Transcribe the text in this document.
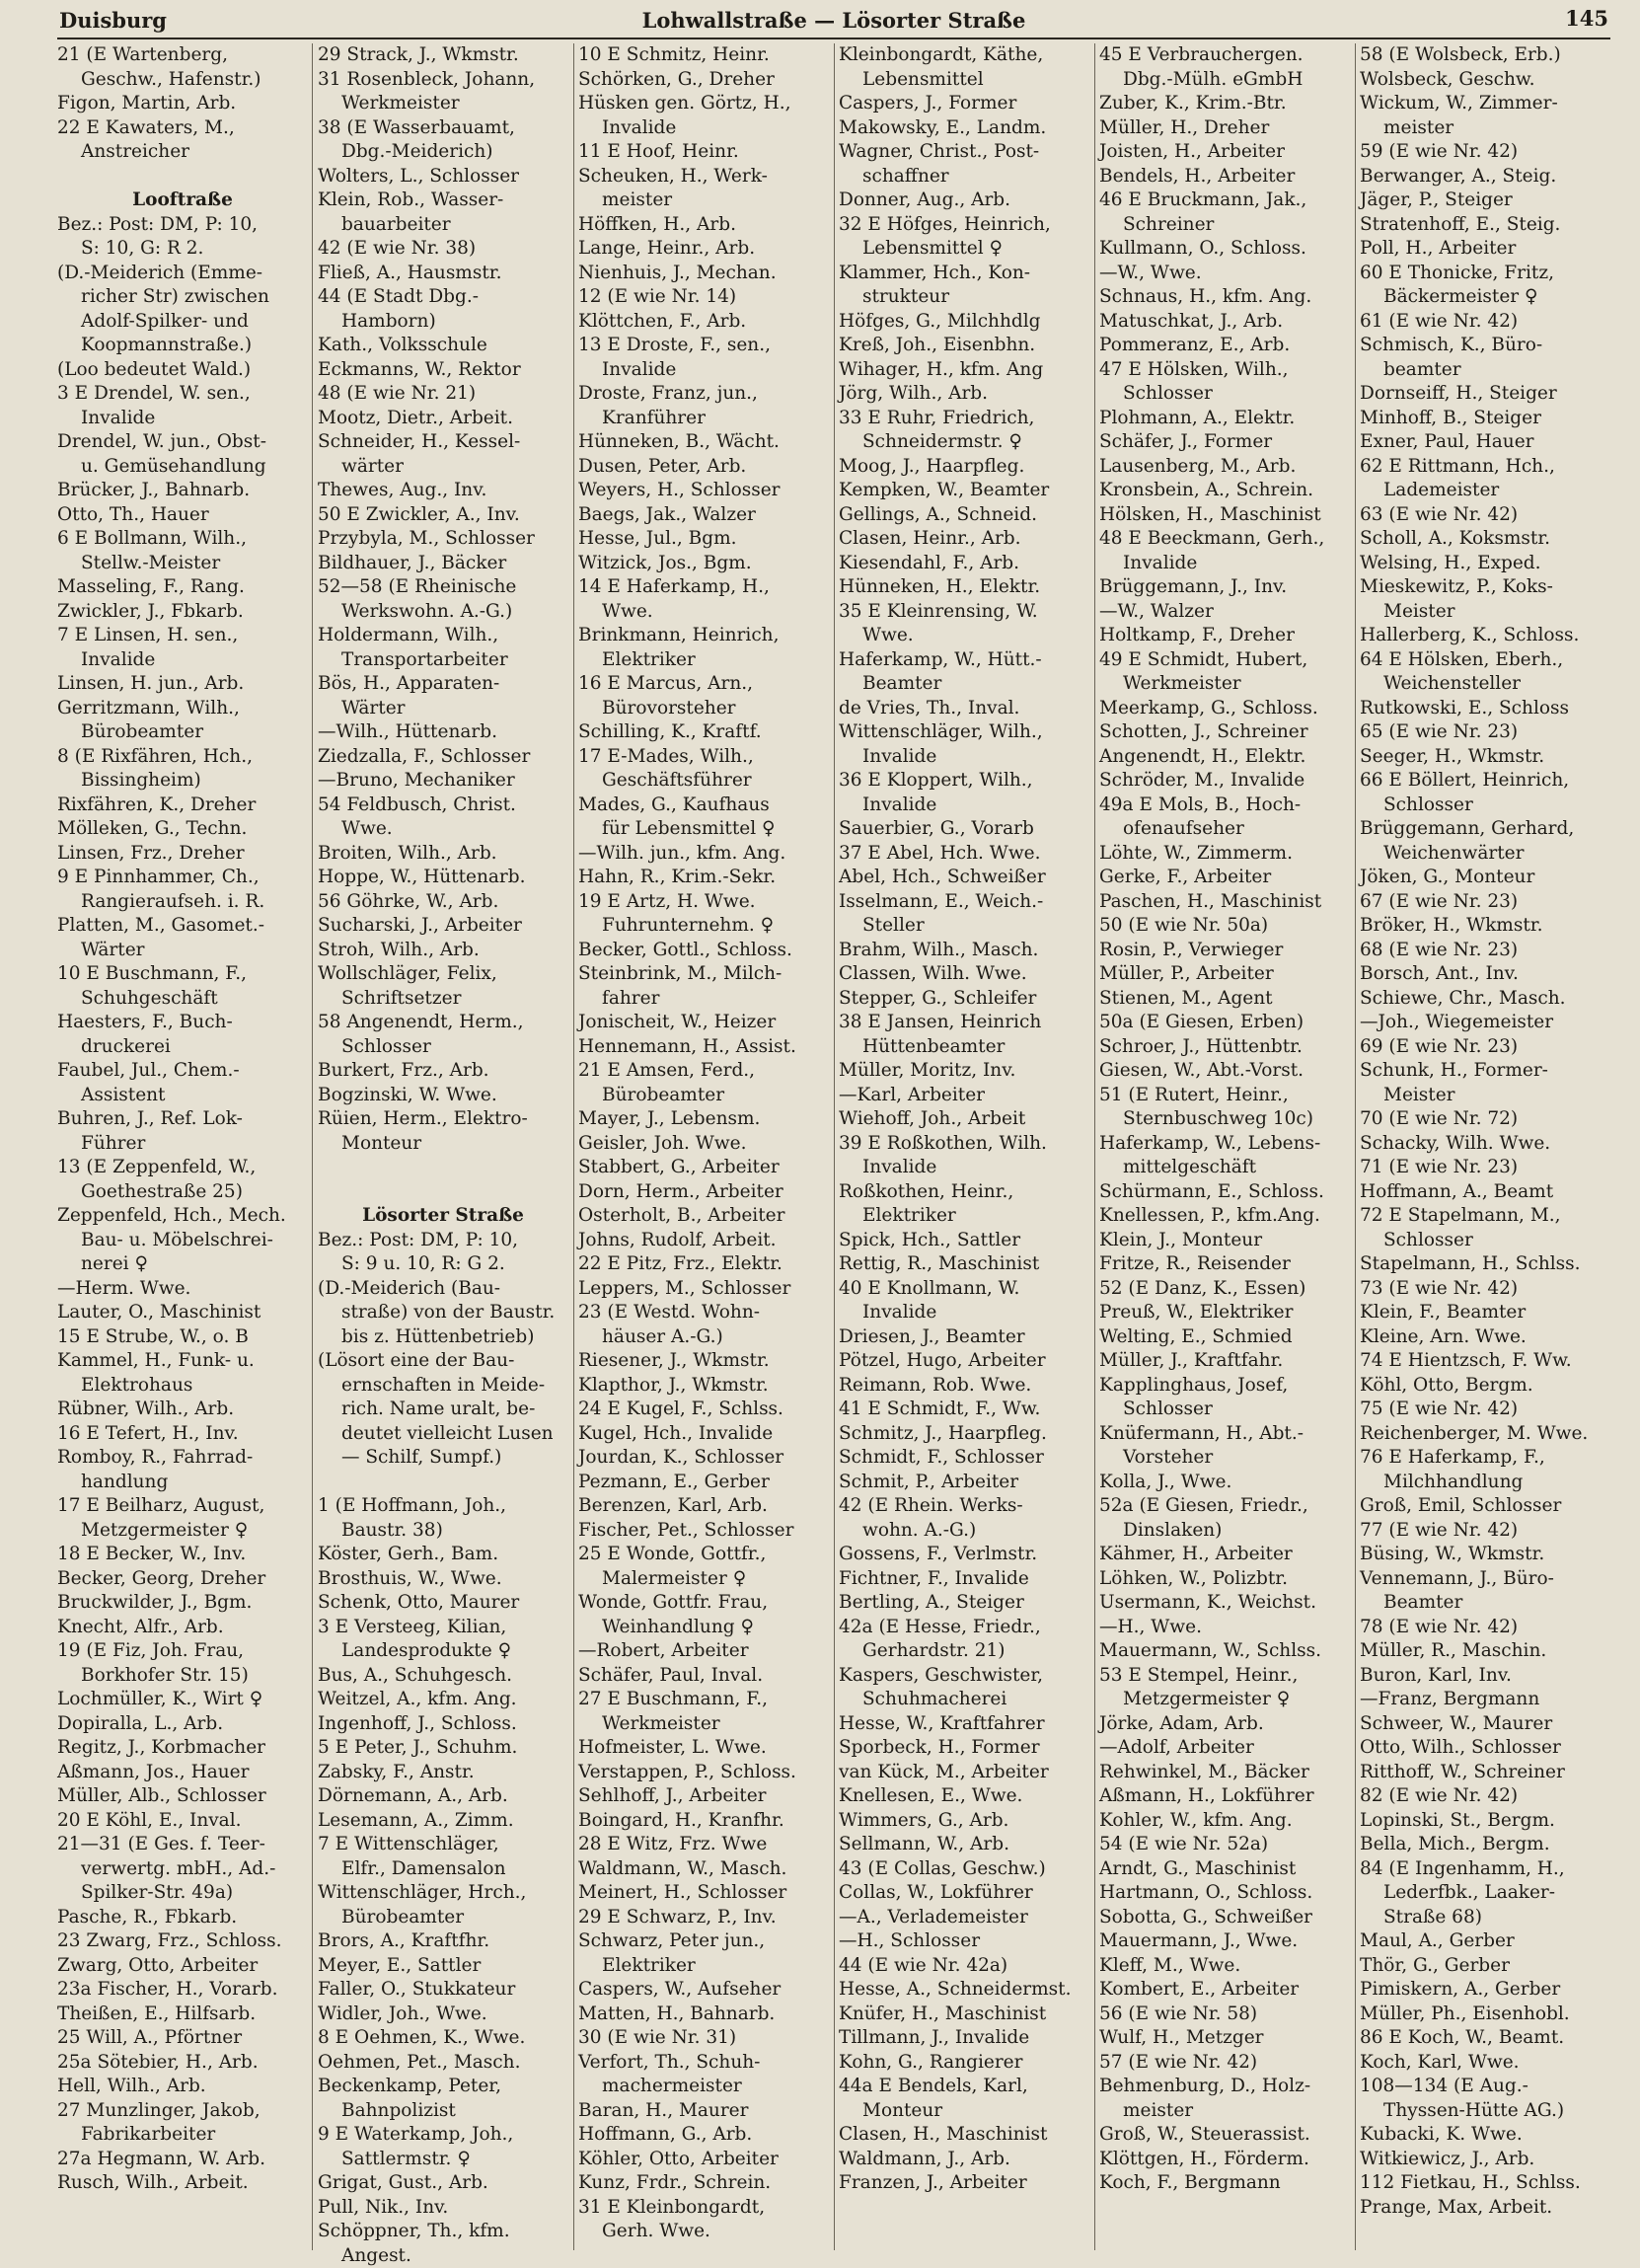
Duisburg	Lohwallstraße — Lösorter Straße	145
21 (E Wartenberg,
Geschw., Hafenstr.)
Figon, Martin, Arb.
22 E Kawaters, M.,
Anstreicher
Looftraße
Bez.: Post: DM, P: 10,
S: 10, G: R 2.
(D.-Meiderich (Emme-
richer Str) zwischen
Adolf-Spilker- und
Koopmannstraße.)
(Loo bedeutet Wald.)
3 E Drendel, W. sen.,
Invalide
Drendel, W. jun., Obst-
u. Gemüsehandlung
Brücker, J., Bahnarb.
Otto, Th., Hauer
6 E Bollmann, Wilh.,
Stellw.-Meister
Masseling, F., Rang.
Zwickler, J., Fbkarb.
7 E Linsen, H. sen.,
Invalide
Linsen, H. jun., Arb.
Gerritzmann, Wilh.,
Bürobeamter
8 (E Rixfähren, Hch.,
Bissingheim)
Rixfähren, K., Dreher
Mölleken, G., Techn.
Linsen, Frz., Dreher
9 E Pinnhammer, Ch.,
Rangieraufseh. i. R.
Platten, M., Gasomet.-
Wärter
10 E Buschmann, F.,
Schuhgeschäft
Haesters, F., Buch-
druckerei
Faubel, Jul., Chem.-
Assistent
Buhren, J., Ref. Lok-
Führer
13 (E Zeppenfeld, W.,
Goethestraße 25)
Zeppenfeld, Hch., Mech.
Bau- u. Möbelschrei-
nerei ♀
—Herm. Wwe.
Lauter, O., Maschinist
15 E Strube, W., o. B
Kammel, H., Funk- u.
Elektrohaus
Rübner, Wilh., Arb.
16 E Tefert, H., Inv.
Romboy, R., Fahrrad-
handlung
17 E Beilharz, August,
Metzgermeister ♀
18 E Becker, W., Inv.
Becker, Georg, Dreher
Bruckwilder, J., Bgm.
Knecht, Alfr., Arb.
19 (E Fiz, Joh. Frau,
Borkhofer Str. 15)
Lochmüller, K., Wirt ♀
Dopiralla, L., Arb.
Regitz, J., Korbmacher
Aßmann, Jos., Hauer
Müller, Alb., Schlosser
20 E Köhl, E., Inval.
21—31 (E Ges. f. Teer-
verwertg. mbH., Ad.-
Spilker-Str. 49a)
Pasche, R., Fbkarb.
23 Zwarg, Frz., Schloss.
Zwarg, Otto, Arbeiter
23a Fischer, H., Vorarb.
Theißen, E., Hilfsarb.
25 Will, A., Pförtner
25a Sötebier, H., Arb.
Hell, Wilh., Arb.
27 Munzlinger, Jakob,
Fabrikarbeiter
27a Hegmann, W. Arb.
Rusch, Wilh., Arbeit.
29 Strack, J., Wkmstr.
31 Rosenbleck, Johann,
Werkmeister
38 (E Wasserbauamt,
Dbg.-Meiderich)
Wolters, L., Schlosser
Klein, Rob., Wasser-
bauarbeiter
42 (E wie Nr. 38)
Fließ, A., Hausmstr.
44 (E Stadt Dbg.-
Hamborn)
Kath., Volksschule
Eckmanns, W., Rektor
48 (E wie Nr. 21)
Mootz, Dietr., Arbeit.
Schneider, H., Kessel-
wärter
Thewes, Aug., Inv.
50 E Zwickler, A., Inv.
Przybyla, M., Schlosser
Bildhauer, J., Bäcker
52—58 (E Rheinische
Werkswohn. A.-G.)
Holdermann, Wilh.,
Transportarbeiter
Bös, H., Apparaten-
Wärter
—Wilh., Hüttenarb.
Ziedzalla, F., Schlosser
—Bruno, Mechaniker
54 Feldbusch, Christ.
Wwe.
Broiten, Wilh., Arb.
Hoppe, W., Hüttenarb.
56 Göhrke, W., Arb.
Sucharski, J., Arbeiter
Stroh, Wilh., Arb.
Wollschläger, Felix,
Schriftsetzer
58 Angenendt, Herm.,
Schlosser
Burkert, Frz., Arb.
Bogzinski, W. Wwe.
Rüien, Herm., Elektro-
Monteur
Lösorter Straße
Bez.: Post: DM, P: 10,
S: 9 u. 10, R: G 2.
(D.-Meiderich (Bau-
straße) von der Baustr.
bis z. Hüttenbetrieb)
(Lösort eine der Bau-
ernschaften in Meide-
rich. Name uralt, be-
deutet vielleicht Lusen
— Schilf, Sumpf.)
1 (E Hoffmann, Joh.,
Baustr. 38)
Köster, Gerh., Bam.
Brosthuis, W., Wwe.
Schenk, Otto, Maurer
3 E Versteeg, Kilian,
Landesprodukte ♀
Bus, A., Schuhgesch.
Weitzel, A., kfm. Ang.
Ingenhoff, J., Schloss.
5 E Peter, J., Schuhm.
Zabsky, F., Anstr.
Dörnemann, A., Arb.
Lesemann, A., Zimm.
7 E Wittenschläger,
Elfr., Damensalon
Wittenschläger, Hrch.,
Bürobeamter
Brors, A., Kraftfhr.
Meyer, E., Sattler
Faller, O., Stukkateur
Widler, Joh., Wwe.
8 E Oehmen, K., Wwe.
Oehmen, Pet., Masch.
Beckenkamp, Peter,
Bahnpolizist
9 E Waterkamp, Joh.,
Sattlermstr. ♀
Grigat, Gust., Arb.
Pull, Nik., Inv.
Schöppner, Th., kfm.
Angest.
10 E Schmitz, Heinr.
Schörken, G., Dreher
Hüsken gen. Görtz, H.,
Invalide
11 E Hoof, Heinr.
Scheuken, H., Werk-
meister
Höffken, H., Arb.
Lange, Heinr., Arb.
Nienhuis, J., Mechan.
12 (E wie Nr. 14)
Klöttchen, F., Arb.
13 E Droste, F., sen.,
Invalide
Droste, Franz, jun.,
Kranführer
Hünneken, B., Wächt.
Dusen, Peter, Arb.
Weyers, H., Schlosser
Baegs, Jak., Walzer
Hesse, Jul., Bgm.
Witzick, Jos., Bgm.
14 E Haferkamp, H.,
Wwe.
Brinkmann, Heinrich,
Elektriker
16 E Marcus, Arn.,
Bürovorsteher
Schilling, K., Kraftf.
17 E-Mades, Wilh.,
Geschäftsführer
Mades, G., Kaufhaus
für Lebensmittel ♀
—Wilh. jun., kfm. Ang.
Hahn, R., Krim.-Sekr.
19 E Artz, H. Wwe.
Fuhrunternehm. ♀
Becker, Gottl., Schloss.
Steinbrink, M., Milch-
fahrer
Jonischeit, W., Heizer
Hennemann, H., Assist.
21 E Amsen, Ferd.,
Bürobeamter
Mayer, J., Lebensm.
Geisler, Joh. Wwe.
Stabbert, G., Arbeiter
Dorn, Herm., Arbeiter
Osterholt, B., Arbeiter
Johns, Rudolf, Arbeit.
22 E Pitz, Frz., Elektr.
Leppers, M., Schlosser
23 (E Westd. Wohn-
häuser A.-G.)
Riesener, J., Wkmstr.
Klapthor, J., Wkmstr.
24 E Kugel, F., Schlss.
Kugel, Hch., Invalide
Jourdan, K., Schlosser
Pezmann, E., Gerber
Berenzen, Karl, Arb.
Fischer, Pet., Schlosser
25 E Wonde, Gottfr.,
Malermeister ♀
Wonde, Gottfr. Frau,
Weinhandlung ♀
—Robert, Arbeiter
Schäfer, Paul, Inval.
27 E Buschmann, F.,
Werkmeister
Hofmeister, L. Wwe.
Verstappen, P., Schloss.
Sehlhoff, J., Arbeiter
Boingard, H., Kranfhr.
28 E Witz, Frz. Wwe
Waldmann, W., Masch.
Meinert, H., Schlosser
29 E Schwarz, P., Inv.
Schwarz, Peter jun.,
Elektriker
Caspers, W., Aufseher
Matten, H., Bahnarb.
30 (E wie Nr. 31)
Verfort, Th., Schuh-
machermeister
Baran, H., Maurer
Hoffmann, G., Arb.
Köhler, Otto, Arbeiter
Kunz, Frdr., Schrein.
31 E Kleinbongardt,
Gerh. Wwe.
Kleinbongardt, Käthe,
Lebensmittel
Caspers, J., Former
Makowsky, E., Landm.
Wagner, Christ., Post-
schaffner
Donner, Aug., Arb.
32 E Höfges, Heinrich,
Lebensmittel ♀
Klammer, Hch., Kon-
strukteur
Höfges, G., Milchhdlg
Kreß, Joh., Eisenbhn.
Wihager, H., kfm. Ang
Jörg, Wilh., Arb.
33 E Ruhr, Friedrich,
Schneidermstr. ♀
Moog, J., Haarpfleg.
Kempken, W., Beamter
Gellings, A., Schneid.
Clasen, Heinr., Arb.
Kiesendahl, F., Arb.
Hünneken, H., Elektr.
35 E Kleinrensing, W.
Wwe.
Haferkamp, W., Hütt.-
Beamter
de Vries, Th., Inval.
Wittenschläger, Wilh.,
Invalide
36 E Kloppert, Wilh.,
Invalide
Sauerbier, G., Vorarb
37 E Abel, Hch. Wwe.
Abel, Hch., Schweißer
Isselmann, E., Weich.-
Steller
Brahm, Wilh., Masch.
Classen, Wilh. Wwe.
Stepper, G., Schleifer
38 E Jansen, Heinrich
Hüttenbeamter
Müller, Moritz, Inv.
—Karl, Arbeiter
Wiehoff, Joh., Arbeit
39 E Roßkothen, Wilh.
Invalide
Roßkothen, Heinr.,
Elektriker
Spick, Hch., Sattler
Rettig, R., Maschinist
40 E Knollmann, W.
Invalide
Driesen, J., Beamter
Pötzel, Hugo, Arbeiter
Reimann, Rob. Wwe.
41 E Schmidt, F., Ww.
Schmitz, J., Haarpfleg.
Schmidt, F., Schlosser
Schmit, P., Arbeiter
42 (E Rhein. Werks-
wohn. A.-G.)
Gossens, F., Verlmstr.
Fichtner, F., Invalide
Bertling, A., Steiger
42a (E Hesse, Friedr.,
Gerhardstr. 21)
Kaspers, Geschwister,
Schuhmacherei
Hesse, W., Kraftfahrer
Sporbeck, H., Former
van Kück, M., Arbeiter
Knellesen, E., Wwe.
Wimmers, G., Arb.
Sellmann, W., Arb.
43 (E Collas, Geschw.)
Collas, W., Lokführer
—A., Verlademeister
—H., Schlosser
44 (E wie Nr. 42a)
Hesse, A., Schneidermst.
Knüfer, H., Maschinist
Tillmann, J., Invalide
Kohn, G., Rangierer
44a E Bendels, Karl,
Monteur
Clasen, H., Maschinist
Waldmann, J., Arb.
Franzen, J., Arbeiter
45 E Verbrauchergen.
Dbg.-Mülh. eGmbH
Zuber, K., Krim.-Btr.
Müller, H., Dreher
Joisten, H., Arbeiter
Bendels, H., Arbeiter
46 E Bruckmann, Jak.,
Schreiner
Kullmann, O., Schloss.
—W., Wwe.
Schnaus, H., kfm. Ang.
Matuschkat, J., Arb.
Pommeranz, E., Arb.
47 E Hölsken, Wilh.,
Schlosser
Plohmann, A., Elektr.
Schäfer, J., Former
Lausenberg, M., Arb.
Kronsbein, A., Schrein.
Hölsken, H., Maschinist
48 E Beeckmann, Gerh.,
Invalide
Brüggemann, J., Inv.
—W., Walzer
Holtkamp, F., Dreher
49 E Schmidt, Hubert,
Werkmeister
Meerkamp, G., Schloss.
Schotten, J., Schreiner
Angenendt, H., Elektr.
Schröder, M., Invalide
49a E Mols, B., Hoch-
ofenaufseher
Löhte, W., Zimmerm.
Gerke, F., Arbeiter
Paschen, H., Maschinist
50 (E wie Nr. 50a)
Rosin, P., Verwieger
Müller, P., Arbeiter
Stienen, M., Agent
50a (E Giesen, Erben)
Schroer, J., Hüttenbtr.
Giesen, W., Abt.-Vorst.
51 (E Rutert, Heinr.,
Sternbuschweg 10c)
Haferkamp, W., Lebens-
mittelgeschäft
Schürmann, E., Schloss.
Knellessen, P., kfm.Ang.
Klein, J., Monteur
Fritze, R., Reisender
52 (E Danz, K., Essen)
Preuß, W., Elektriker
Welting, E., Schmied
Müller, J., Kraftfahr.
Kapplinghaus, Josef,
Schlosser
Knüfermann, H., Abt.-
Vorsteher
Kolla, J., Wwe.
52a (E Giesen, Friedr.,
Dinslaken)
Kähmer, H., Arbeiter
Löhken, W., Polizbtr.
Usermann, K., Weichst.
—H., Wwe.
Mauermann, W., Schlss.
53 E Stempel, Heinr.,
Metzgermeister ♀
Jörke, Adam, Arb.
—Adolf, Arbeiter
Rehwinkel, M., Bäcker
Aßmann, H., Lokführer
Kohler, W., kfm. Ang.
54 (E wie Nr. 52a)
Arndt, G., Maschinist
Hartmann, O., Schloss.
Sobotta, G., Schweißer
Mauermann, J., Wwe.
Kleff, M., Wwe.
Kombert, E., Arbeiter
56 (E wie Nr. 58)
Wulf, H., Metzger
57 (E wie Nr. 42)
Behmenburg, D., Holz-
meister
Groß, W., Steuerassist.
Klöttgen, H., Förderm.
Koch, F., Bergmann
58 (E Wolsbeck, Erb.)
Wolsbeck, Geschw.
Wickum, W., Zimmer-
meister
59 (E wie Nr. 42)
Berwanger, A., Steig.
Jäger, P., Steiger
Stratenhoff, E., Steig.
Poll, H., Arbeiter
60 E Thonicke, Fritz,
Bäckermeister ♀
61 (E wie Nr. 42)
Schmisch, K., Büro-
beamter
Dornseiff, H., Steiger
Minhoff, B., Steiger
Exner, Paul, Hauer
62 E Rittmann, Hch.,
Lademeister
63 (E wie Nr. 42)
Scholl, A., Koksmstr.
Welsing, H., Exped.
Mieskewitz, P., Koks-
Meister
Hallerberg, K., Schloss.
64 E Hölsken, Eberh.,
Weichensteller
Rutkowski, E., Schloss
65 (E wie Nr. 23)
Seeger, H., Wkmstr.
66 E Böllert, Heinrich,
Schlosser
Brüggemann, Gerhard,
Weichenwärter
Jöken, G., Monteur
67 (E wie Nr. 23)
Bröker, H., Wkmstr.
68 (E wie Nr. 23)
Borsch, Ant., Inv.
Schiewe, Chr., Masch.
—Joh., Wiegemeister
69 (E wie Nr. 23)
Schunk, H., Former-
Meister
70 (E wie Nr. 72)
Schacky, Wilh. Wwe.
71 (E wie Nr. 23)
Hoffmann, A., Beamt
72 E Stapelmann, M.,
Schlosser
Stapelmann, H., Schlss.
73 (E wie Nr. 42)
Klein, F., Beamter
Kleine, Arn. Wwe.
74 E Hientzsch, F. Ww.
Köhl, Otto, Bergm.
75 (E wie Nr. 42)
Reichenberger, M. Wwe.
76 E Haferkamp, F.,
Milchhandlung
Groß, Emil, Schlosser
77 (E wie Nr. 42)
Büsing, W., Wkmstr.
Vennemann, J., Büro-
Beamter
78 (E wie Nr. 42)
Müller, R., Maschin.
Buron, Karl, Inv.
—Franz, Bergmann
Schweer, W., Maurer
Otto, Wilh., Schlosser
Ritthoff, W., Schreiner
82 (E wie Nr. 42)
Lopinski, St., Bergm.
Bella, Mich., Bergm.
84 (E Ingenhamm, H.,
Lederfbk., Laaker-
Straße 68)
Maul, A., Gerber
Thör, G., Gerber
Pimiskern, A., Gerber
Müller, Ph., Eisenhobl.
86 E Koch, W., Beamt.
Koch, Karl, Wwe.
108—134 (E Aug.-
Thyssen-Hütte AG.)
Kubacki, K. Wwe.
Witkiewicz, J., Arb.
112 Fietkau, H., Schlss.
Prange, Max, Arbeit.
